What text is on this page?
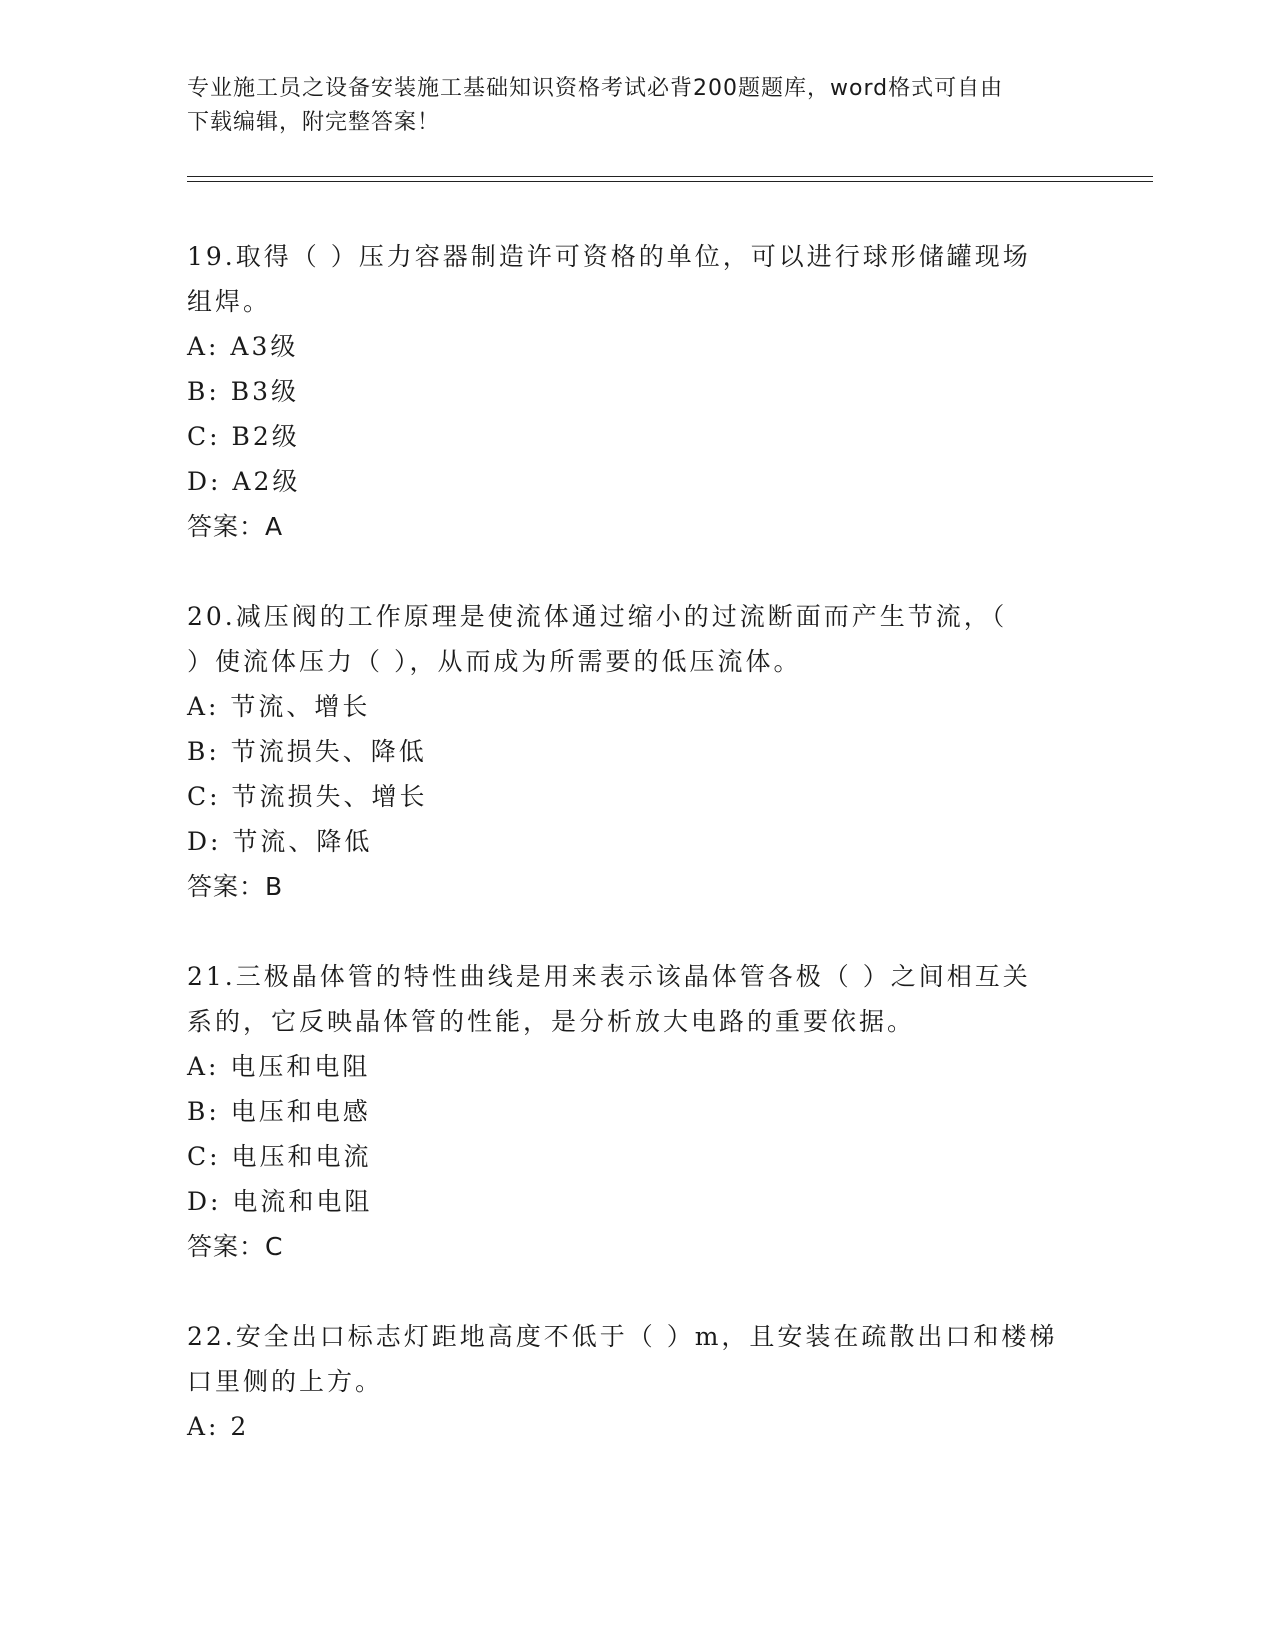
专业施工员之设备安装施工基础知识资格考试必背200题题库，word格式可自由
下载编辑，附完整答案！
19.取得（ ）压力容器制造许可资格的单位，可以进行球形储罐现场
组焊。
A: A3级
B: B3级
C: B2级
D: A2级
答案：A
20.减压阀的工作原理是使流体通过缩小的过流断面而产生节流，（
）使流体压力（ ），从而成为所需要的低压流体。
A: 节流、增长
B: 节流损失、降低
C: 节流损失、增长
D: 节流、降低
答案：B
21.三极晶体管的特性曲线是用来表示该晶体管各极（ ）之间相互关
系的，它反映晶体管的性能，是分析放大电路的重要依据。
A: 电压和电阻
B: 电压和电感
C: 电压和电流
D: 电流和电阻
答案：C
22.安全出口标志灯距地高度不低于（ ）m，且安装在疏散出口和楼梯
口里侧的上方。
A: 2
